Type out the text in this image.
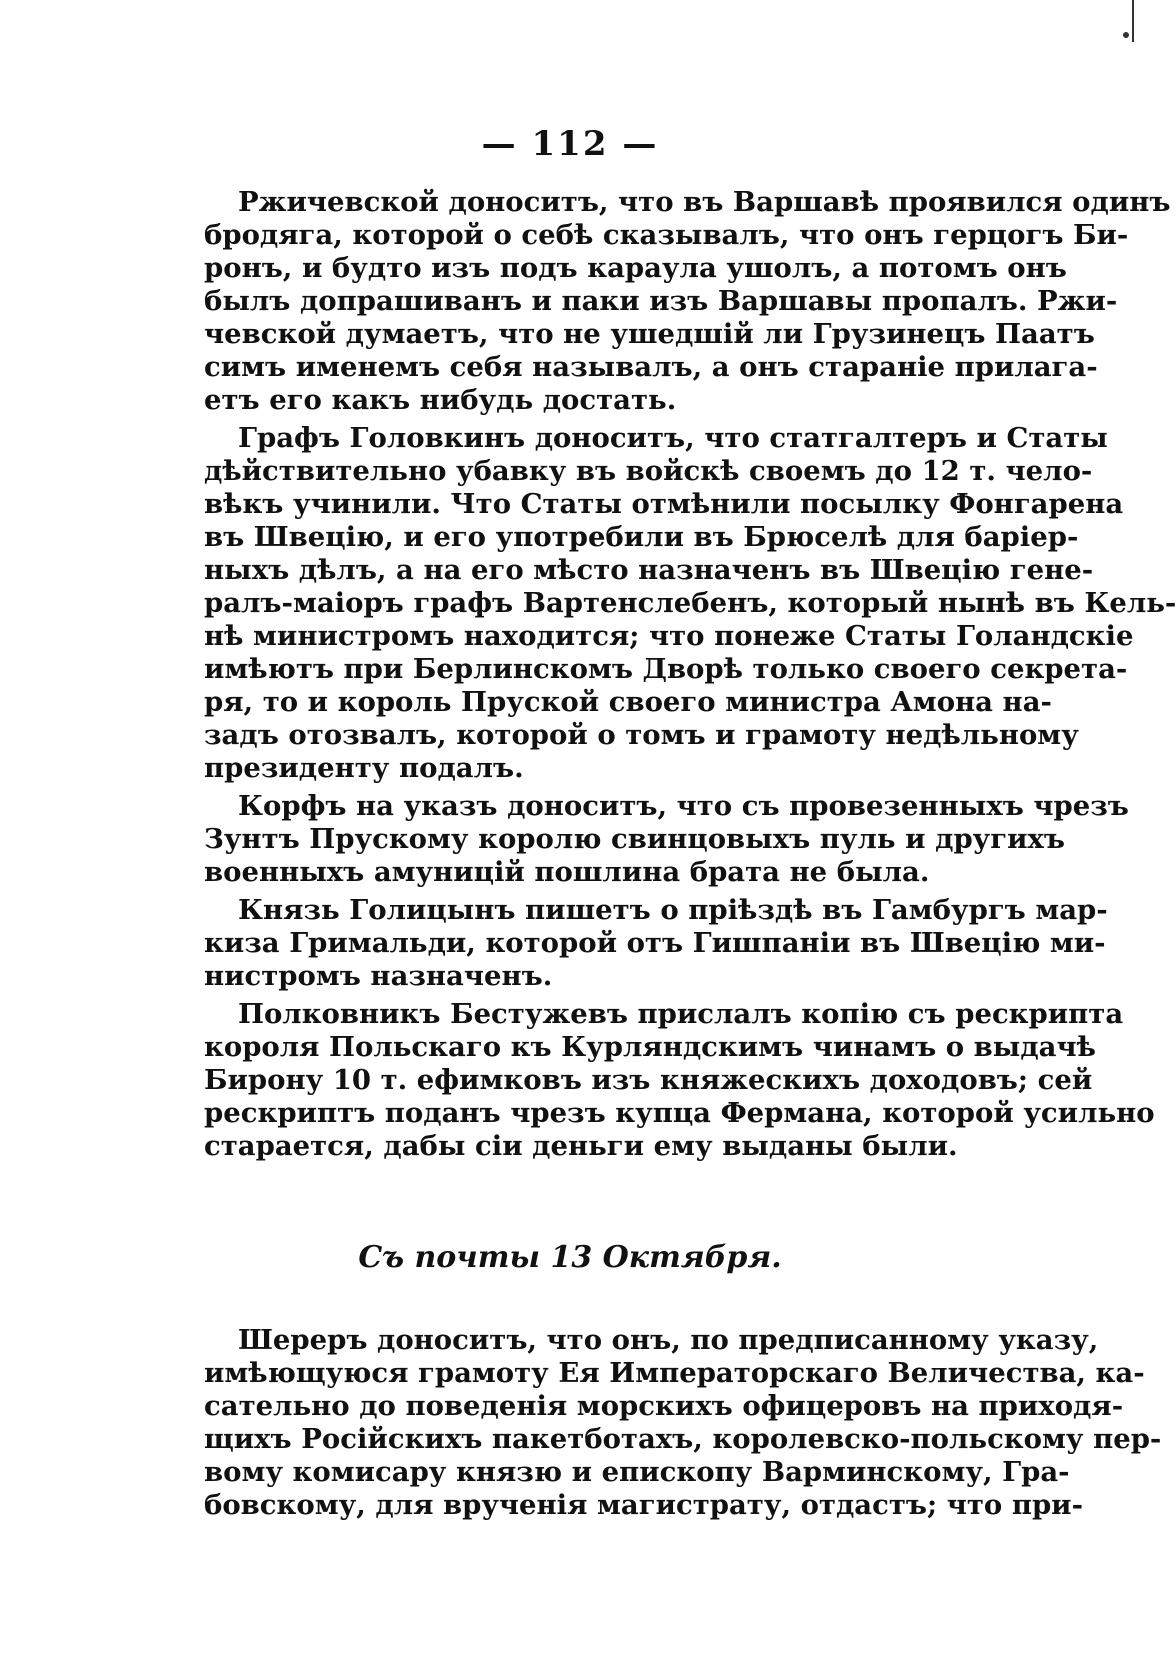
— 112 —
Ржичевской доноситъ, что въ Варшавѣ проявился одинъ
бродяга, которой о себѣ сказывалъ, что онъ герцогъ Би-
ронъ, и будто изъ подъ караула ушолъ, а потомъ онъ
былъ допрашиванъ и паки изъ Варшавы пропалъ. Ржи-
чевской думаетъ, что не ушедшій ли Грузинецъ Паатъ
симъ именемъ себя называлъ, а онъ стараніе прилага-
етъ его какъ нибудь достать.
Графъ Головкинъ доноситъ, что статгалтеръ и Статы
дѣйствительно убавку въ войскѣ своемъ до 12 т. чело-
вѣкъ учинили. Что Статы отмѣнили посылку Фонгарена
въ Швецію, и его употребили въ Брюселѣ для баріер-
ныхъ дѣлъ, а на его мѣсто назначенъ въ Швецію гене-
ралъ-маіоръ графъ Вартенслебенъ, который нынѣ въ Кель-
нѣ министромъ находится; что понеже Статы Голандскіе
имѣютъ при Берлинскомъ Дворѣ только своего секрета-
ря, то и король Пруской своего министра Амона на-
задъ отозвалъ, которой о томъ и грамоту недѣльному
президенту подалъ.
Корфъ на указъ доноситъ, что съ провезенныхъ чрезъ
Зунтъ Прускому королю свинцовыхъ пуль и другихъ
военныхъ амуницій пошлина брата не была.
Князь Голицынъ пишетъ о пріѣздѣ въ Гамбургъ мар-
киза Гримальди, которой отъ Гишпаніи въ Швецію ми-
нистромъ назначенъ.
Полковникъ Бестужевъ прислалъ копію съ рескрипта
короля Польскаго къ Курляндскимъ чинамъ о выдачѣ
Бирону 10 т. ефимковъ изъ княжескихъ доходовъ; сей
рескриптъ поданъ чрезъ купца Фермана, которой усильно
старается, дабы сіи деньги ему выданы были.
Съ почты 13 Октября.
Шереръ доноситъ, что онъ, по предписанному указу,
имѣющуюся грамоту Ея Императорскаго Величества, ка-
сательно до поведенія морскихъ офицеровъ на приходя-
щихъ Російскихъ пакетботахъ, королевско-польскому пер-
вому комисару князю и епископу Варминскому, Гра-
бовскому, для врученія магистрату, отдастъ; что при-
